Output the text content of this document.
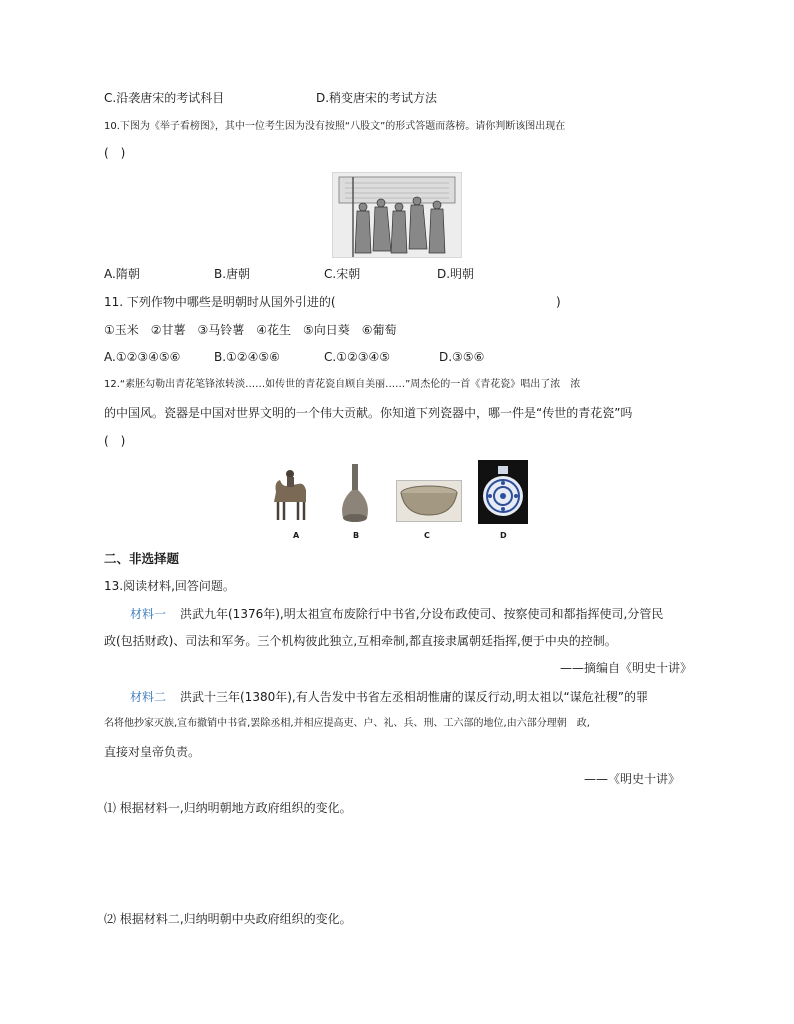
C.沿袭唐宋的考试科目	D.稍变唐宋的考试方法
10.下图为《举子看榜图》，其中一位考生因为没有按照“八股文”的形式答题而落榜。请你判断该图出现在
(　)
A.隋朝	B.唐朝	C.宋朝	D.明朝
11. 下列作物中哪些是明朝时从国外引进的(	)
①玉米　②甘薯　③马铃薯　④花生　⑤向日葵　⑥葡萄
A.①②③④⑤⑥	B.①②④⑤⑥	C.①②③④⑤	D.③⑤⑥
12.“素胚勾勒出青花笔锋浓转淡……如传世的青花瓷自顾自美丽……”周杰伦的一首《青花瓷》唱出了浓　浓
的中国风。瓷器是中国对世界文明的一个伟大贡献。你知道下列瓷器中，哪一件是“传世的青花瓷”吗
(　)
A	B	C	D
二、非选择题
13.阅读材料,回答问题。
材料一 洪武九年(1376年),明太祖宣布废除行中书省,分设布政使司、按察使司和都指挥使司,分管民
政(包括财政)、司法和军务。三个机构彼此独立,互相牵制,都直接隶属朝廷指挥,便于中央的控制。
——摘编自《明史十讲》
材料二 洪武十三年(1380年),有人告发中书省左丞相胡惟庸的谋反行动,明太祖以“谋危社稷”的罪
名将他抄家灭族,宣布撤销中书省,罢除丞相,并相应提高吏、户、礼、兵、刑、工六部的地位,由六部分理朝　政,
直接对皇帝负责。
——《明史十讲》
⑴ 根据材料一,归纳明朝地方政府组织的变化。
⑵ 根据材料二,归纳明朝中央政府组织的变化。
